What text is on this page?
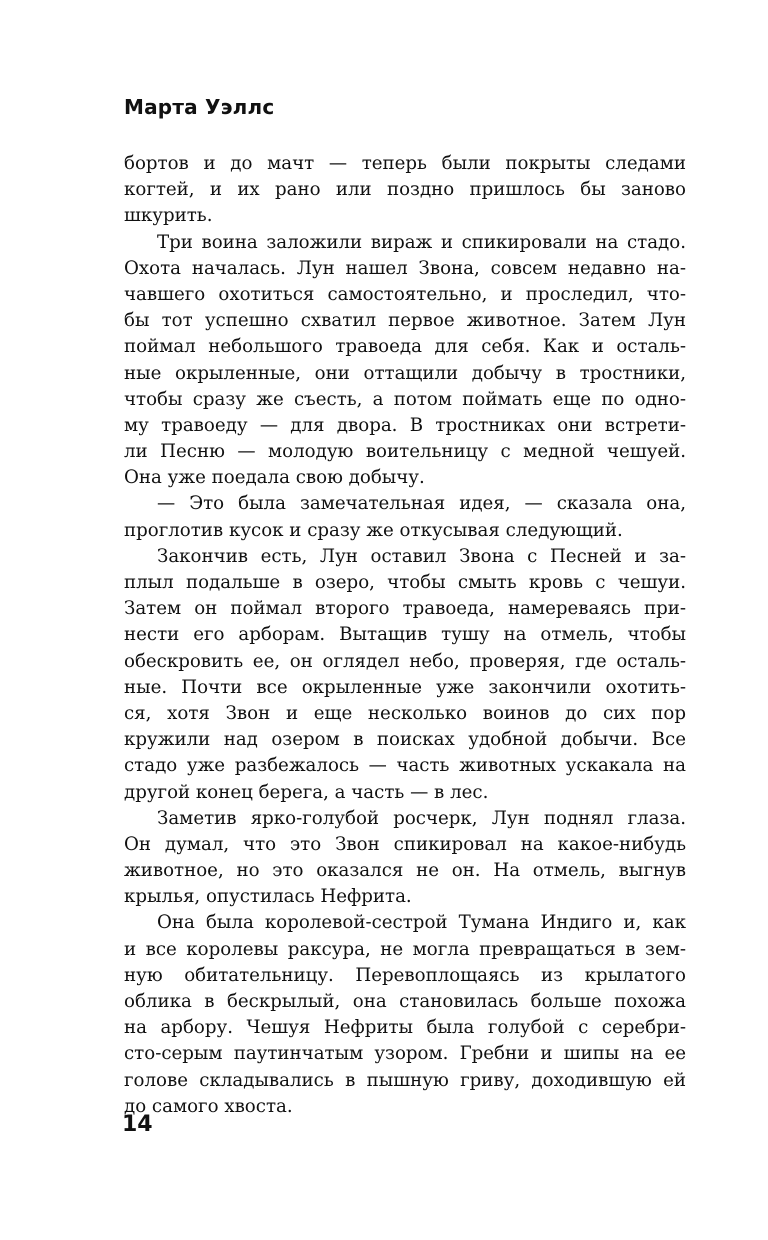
Марта Уэллс
бортов и до мачт — теперь были покрыты следами
когтей, и их рано или поздно пришлось бы заново
шкурить.
Три воина заложили вираж и спикировали на стадо.
Охота началась. Лун нашел Звона, совсем недавно на-
чавшего охотиться самостоятельно, и проследил, что-
бы тот успешно схватил первое животное. Затем Лун
поймал небольшого травоеда для себя. Как и осталь-
ные окрыленные, они оттащили добычу в тростники,
чтобы сразу же съесть, а потом поймать еще по одно-
му травоеду — для двора. В тростниках они встрети-
ли Песню — молодую воительницу с медной чешуей.
Она уже поедала свою добычу.
— Это была замечательная идея, — сказала она,
проглотив кусок и сразу же откусывая следующий.
Закончив есть, Лун оставил Звона с Песней и за-
плыл подальше в озеро, чтобы смыть кровь с чешуи.
Затем он поймал второго травоеда, намереваясь при-
нести его арборам. Вытащив тушу на отмель, чтобы
обескровить ее, он оглядел небо, проверяя, где осталь-
ные. Почти все окрыленные уже закончили охотить-
ся, хотя Звон и еще несколько воинов до сих пор
кружили над озером в поисках удобной добычи. Все
стадо уже разбежалось — часть животных ускакала на
другой конец берега, а часть — в лес.
Заметив ярко-голубой росчерк, Лун поднял глаза.
Он думал, что это Звон спикировал на какое-нибудь
животное, но это оказался не он. На отмель, выгнув
крылья, опустилась Нефрита.
Она была королевой-сестрой Тумана Индиго и, как
и все королевы раксура, не могла превращаться в зем-
ную обитательницу. Перевоплощаясь из крылатого
облика в бескрылый, она становилась больше похожа
на арбору. Чешуя Нефриты была голубой с серебри-
сто-серым паутинчатым узором. Гребни и шипы на ее
голове складывались в пышную гриву, доходившую ей
до самого хвоста.
14
